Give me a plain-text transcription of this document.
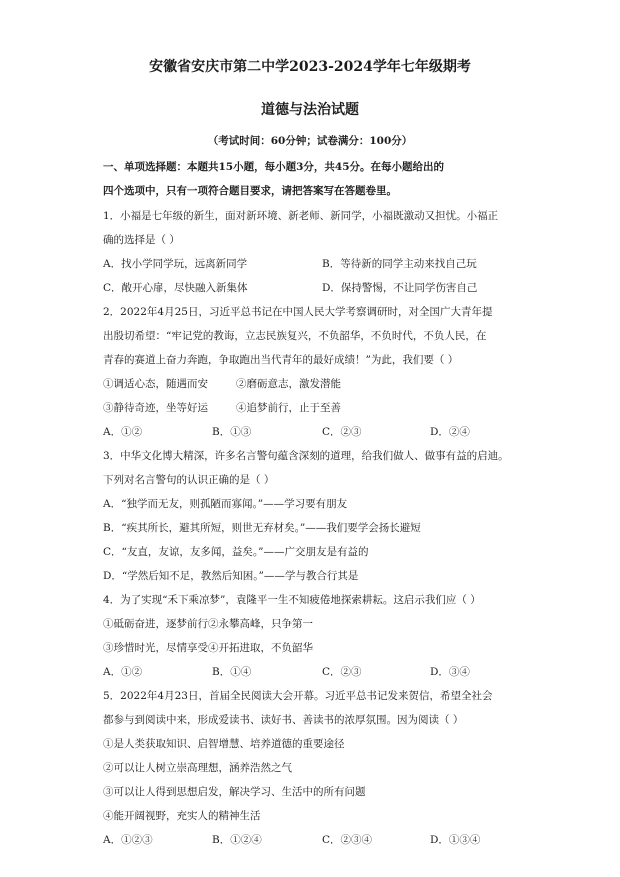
安徽省安庆市第二中学2023-2024学年七年级期考
道德与法治试题
（考试时间：60分钟；试卷满分：100分）
一、单项选择题：本题共15小题，每小题3分，共45分。在每小题给出的
四个选项中，只有一项符合题目要求，请把答案写在答题卷里。
1．小福是七年级的新生，面对新环境、新老师、新同学，小福既激动又担忧。小福正
确的选择是（ ）
A．找小学同学玩，远离新同学	B．等待新的同学主动来找自己玩
C．敞开心扉，尽快融入新集体	D．保持警惕，不让同学伤害自己
2．2022年4月25日，习近平总书记在中国人民大学考察调研时，对全国广大青年提
出殷切希望：“牢记党的教诲，立志民族复兴，不负韶华，不负时代，不负人民，在
青春的赛道上奋力奔跑，争取跑出当代青年的最好成绩！”为此，我们要（ ）
①调适心态，随遇而安	②磨砺意志，激发潜能
③静待奇迹，坐等好运	④追梦前行，止于至善
A．①②	B．①③	C．②③	D．②④
3．中华文化博大精深，许多名言警句蕴含深刻的道理，给我们做人、做事有益的启迪。
下列对名言警句的认识正确的是（ ）
A．“独学而无友，则孤陋而寡闻。”——学习要有朋友
B．“疾其所长，避其所短，则世无弃材矣。”——我们要学会扬长避短
C．“友直，友谅，友多闻，益矣。”——广交朋友是有益的
D．“学然后知不足，教然后知困。”——学与教合行其是
4．为了实现“禾下乘凉梦”，袁隆平一生不知疲倦地探索耕耘。这启示我们应（ ）
①砥砺奋进，逐梦前行②永攀高峰，只争第一
③珍惜时光，尽情享受④开拓进取，不负韶华
A．①②	B．①④	C．②③	D．③④
5．2022年4月23日，首届全民阅读大会开幕。习近平总书记发来贺信，希望全社会
都参与到阅读中来，形成爱读书、读好书、善读书的浓厚氛围。因为阅读（ ）
①是人类获取知识、启智增慧、培养道德的重要途径
②可以让人树立崇高理想，涵养浩然之气
③可以让人得到思想启发，解决学习、生活中的所有问题
④能开阔视野，充实人的精神生活
A．①②③	B．①②④	C．②③④	D．①③④
